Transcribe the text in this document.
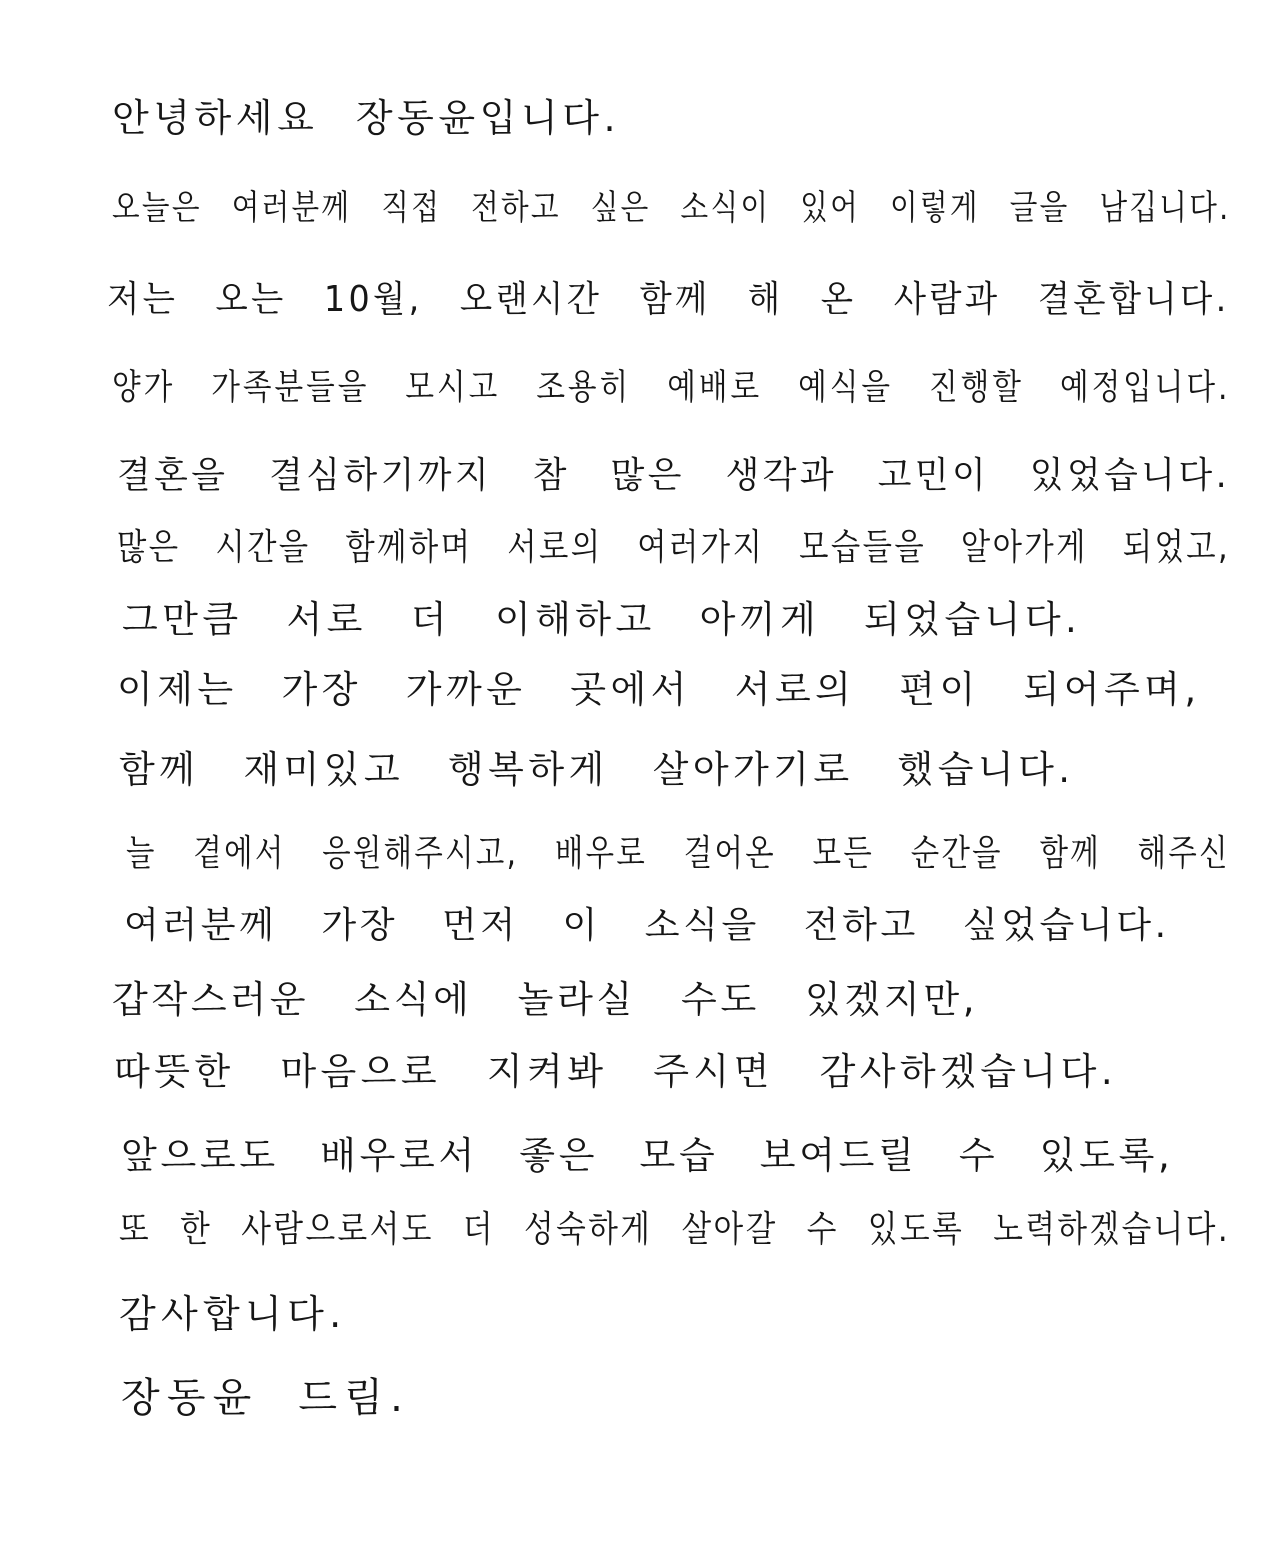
안녕하세요 장동윤입니다.

오늘은 여러분께 직접 전하고 싶은 소식이 있어 이렇게 글을 남깁니다.

저는 오는 10월, 오랜시간 함께 해 온 사람과 결혼합니다.

양가 가족분들을 모시고 조용히 예배로 예식을 진행할 예정입니다.

결혼을 결심하기까지 참 많은 생각과 고민이 있었습니다.

많은 시간을 함께하며 서로의 여러가지 모습들을 알아가게 되었고,

그만큼 서로 더 이해하고 아끼게 되었습니다.

이제는 가장 가까운 곳에서 서로의 편이 되어주며,

함께 재미있고 행복하게 살아가기로 했습니다.

늘 곁에서 응원해주시고, 배우로 걸어온 모든 순간을 함께 해주신

여러분께 가장 먼저 이 소식을 전하고 싶었습니다.

갑작스러운 소식에 놀라실 수도 있겠지만,

따뜻한 마음으로 지켜봐 주시면 감사하겠습니다.

앞으로도 배우로서 좋은 모습 보여드릴 수 있도록,

또 한 사람으로서도 더 성숙하게 살아갈 수 있도록 노력하겠습니다.

감사합니다.

장동윤 드림.
